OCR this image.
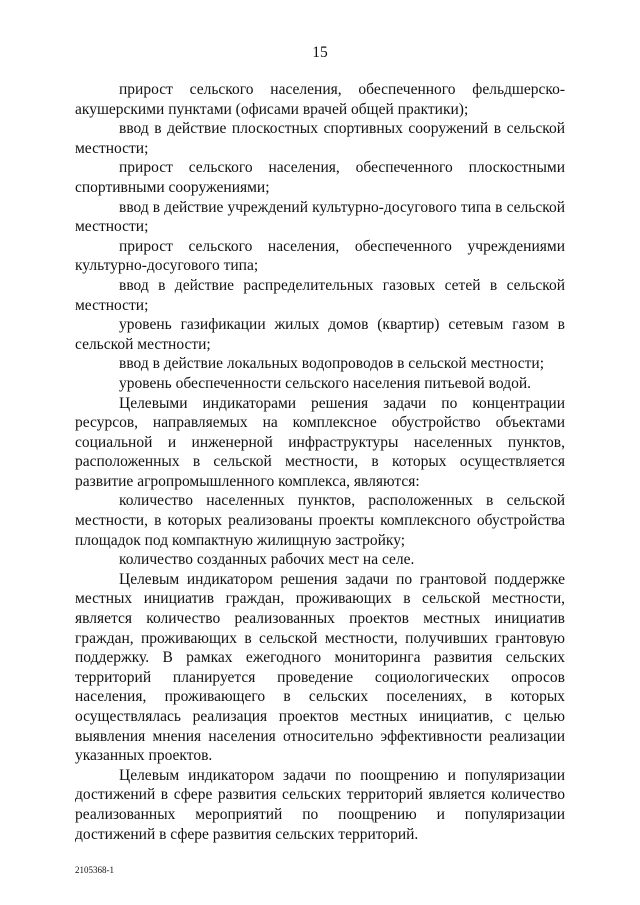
15

прирост сельского населения, обеспеченного фельдшерско-акушерскими пунктами (офисами врачей общей практики);

ввод в действие плоскостных спортивных сооружений в сельской местности;

прирост сельского населения, обеспеченного плоскостными спортивными сооружениями;

ввод в действие учреждений культурно-досугового типа в сельской местности;

прирост сельского населения, обеспеченного учреждениями культурно-досугового типа;

ввод в действие распределительных газовых сетей в сельской местности;

уровень газификации жилых домов (квартир) сетевым газом в сельской местности;

ввод в действие локальных водопроводов в сельской местности;

уровень обеспеченности сельского населения питьевой водой.

Целевыми индикаторами решения задачи по концентрации ресурсов, направляемых на комплексное обустройство объектами социальной и инженерной инфраструктуры населенных пунктов, расположенных в сельской местности, в которых осуществляется развитие агропромышленного комплекса, являются:

количество населенных пунктов, расположенных в сельской местности, в которых реализованы проекты комплексного обустройства площадок под компактную жилищную застройку;

количество созданных рабочих мест на селе.

Целевым индикатором решения задачи по грантовой поддержке местных инициатив граждан, проживающих в сельской местности, является количество реализованных проектов местных инициатив граждан, проживающих в сельской местности, получивших грантовую поддержку. В рамках ежегодного мониторинга развития сельских территорий планируется проведение социологических опросов населения, проживающего в сельских поселениях, в которых осуществлялась реализация проектов местных инициатив, с целью выявления мнения населения относительно эффективности реализации указанных проектов.

Целевым индикатором задачи по поощрению и популяризации достижений в сфере развития сельских территорий является количество реализованных мероприятий по поощрению и популяризации достижений в сфере развития сельских территорий.

2105368-1
